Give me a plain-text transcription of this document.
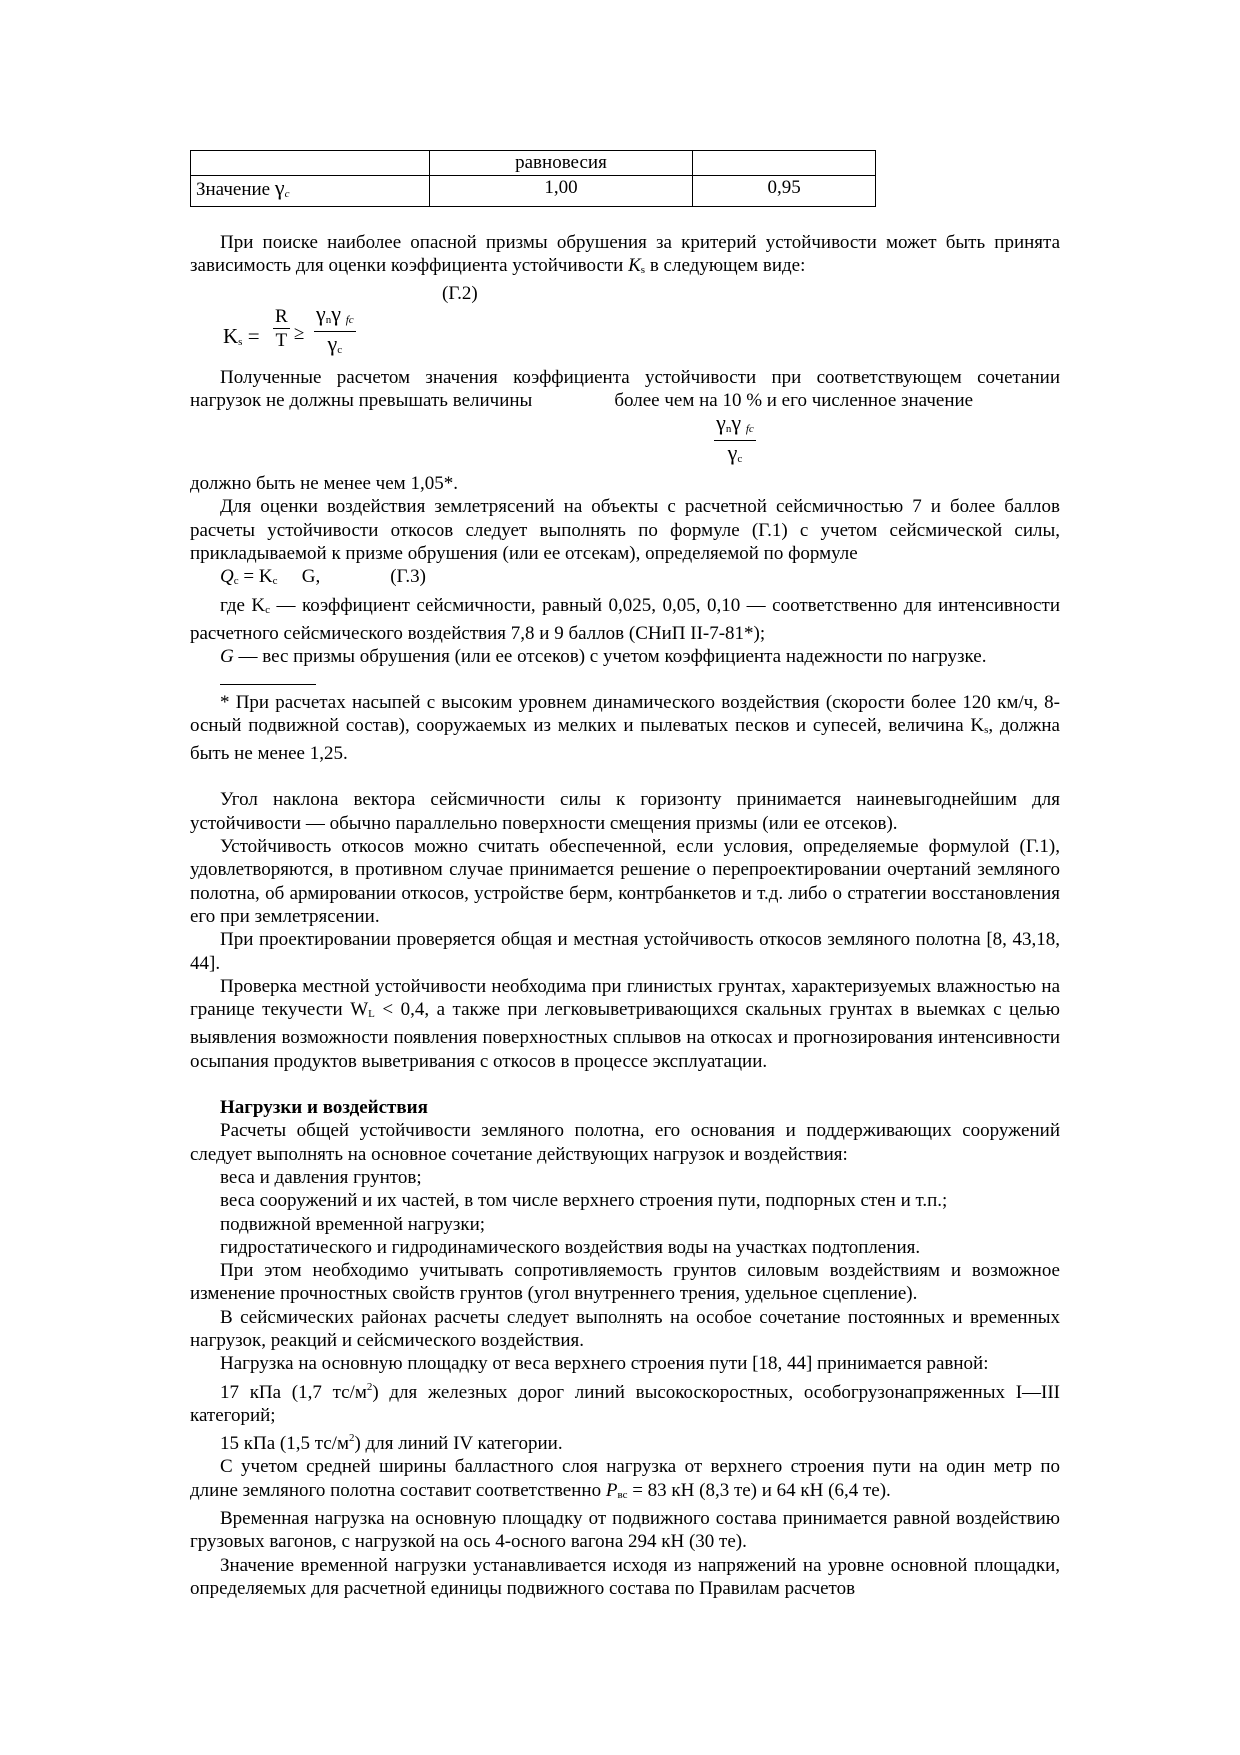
	равновесия	
Значение $\gamma_c$	1,00	0,95

При поиске наиболее опасной призмы обрушения за критерий устойчивости может быть принята зависимость для оценки коэффициента устойчивости $K_s$ в следующем виде:

(Г.2)
$K_s = \frac{R}{T}$ ≥
$\gamma_n\gamma$ $_{fc}$
$\gamma_c$

Полученные расчетом значения коэффициента устойчивости при соответствующем сочетании нагрузок не должны превышать величины	более чем на 10 % и его численное значение

$\frac{\gamma_n\gamma _{fc}}{\gamma_c}$

должно быть не менее чем 1,05*.

Для оценки воздействия землетрясений на объекты с расчетной сейсмичностью 7 и более баллов расчеты устойчивости откосов следует выполнять по формуле (Г.1) с учетом сейсмической силы, прикладываемой к призме обрушения (или ее отсекам), определяемой по формуле

$Q_c = K_c$ ⃞ G,	(Г.3)

где $K_c$ — коэффициент сейсмичности, равный 0,025, 0,05, 0,10 — соответственно для интенсивности расчетного сейсмического воздействия 7,8 и 9 баллов (СНиП II-7-81*);

G — вес призмы обрушения (или ее отсеков) с учетом коэффициента надежности по нагрузке.

* При расчетах насыпей с высоким уровнем динамического воздействия (скорости более 120 км/ч, 8-осный подвижной состав), сооружаемых из мелких и пылеватых песков и супесей, величина $K_s$, должна быть не менее 1,25.

Угол наклона вектора сейсмичности силы к горизонту принимается наиневыгоднейшим для устойчивости — обычно параллельно поверхности смещения призмы (или ее отсеков).

Устойчивость откосов можно считать обеспеченной, если условия, определяемые формулой (Г.1), удовлетворяются, в противном случае принимается решение о перепроектировании очертаний земляного полотна, об армировании откосов, устройстве берм, контрбанкетов и т.д. либо о стратегии восстановления его при землетрясении.

При проектировании проверяется общая и местная устойчивость откосов земляного полотна [8, 43,18, 44].

Проверка местной устойчивости необходима при глинистых грунтах, характеризуемых влажностью на границе текучести $W_L < 0,4$, а также при легковыветривающихся скальных грунтах в выемках с целью выявления возможности появления поверхностных сплывов на откосах и прогнозирования интенсивности осыпания продуктов выветривания с откосов в процессе эксплуатации.

Нагрузки и воздействия

Расчеты общей устойчивости земляного полотна, его основания и поддерживающих сооружений следует выполнять на основное сочетание действующих нагрузок и воздействия:

веса и давления грунтов;

веса сооружений и их частей, в том числе верхнего строения пути, подпорных стен и т.п.;

подвижной временной нагрузки;

гидростатического и гидродинамического воздействия воды на участках подтопления.

При этом необходимо учитывать сопротивляемость грунтов силовым воздействиям и возможное изменение прочностных свойств грунтов (угол внутреннего трения, удельное сцепление).

В сейсмических районах расчеты следует выполнять на особое сочетание постоянных и временных нагрузок, реакций и сейсмического воздействия.

Нагрузка на основную площадку от веса верхнего строения пути [18, 44] принимается равной:

17 кПа (1,7 $тс/м^2$) для железных дорог линий высокоскоростных, особогрузонапряженных I—III категорий;

15 кПа (1,5 $тс/м^2$) для линий IV категории.

С учетом средней ширины балластного слоя нагрузка от верхнего строения пути на один метр по длине земляного полотна составит соответственно $P_{вс} = 83$ кН (8,3 те) и 64 кН (6,4 те).

Временная нагрузка на основную площадку от подвижного состава принимается равной воздействию грузовых вагонов, с нагрузкой на ось 4-осного вагона 294 кН (30 те).

Значение временной нагрузки устанавливается исходя из напряжений на уровне основной площадки, определяемых для расчетной единицы подвижного состава по Правилам расчетов
